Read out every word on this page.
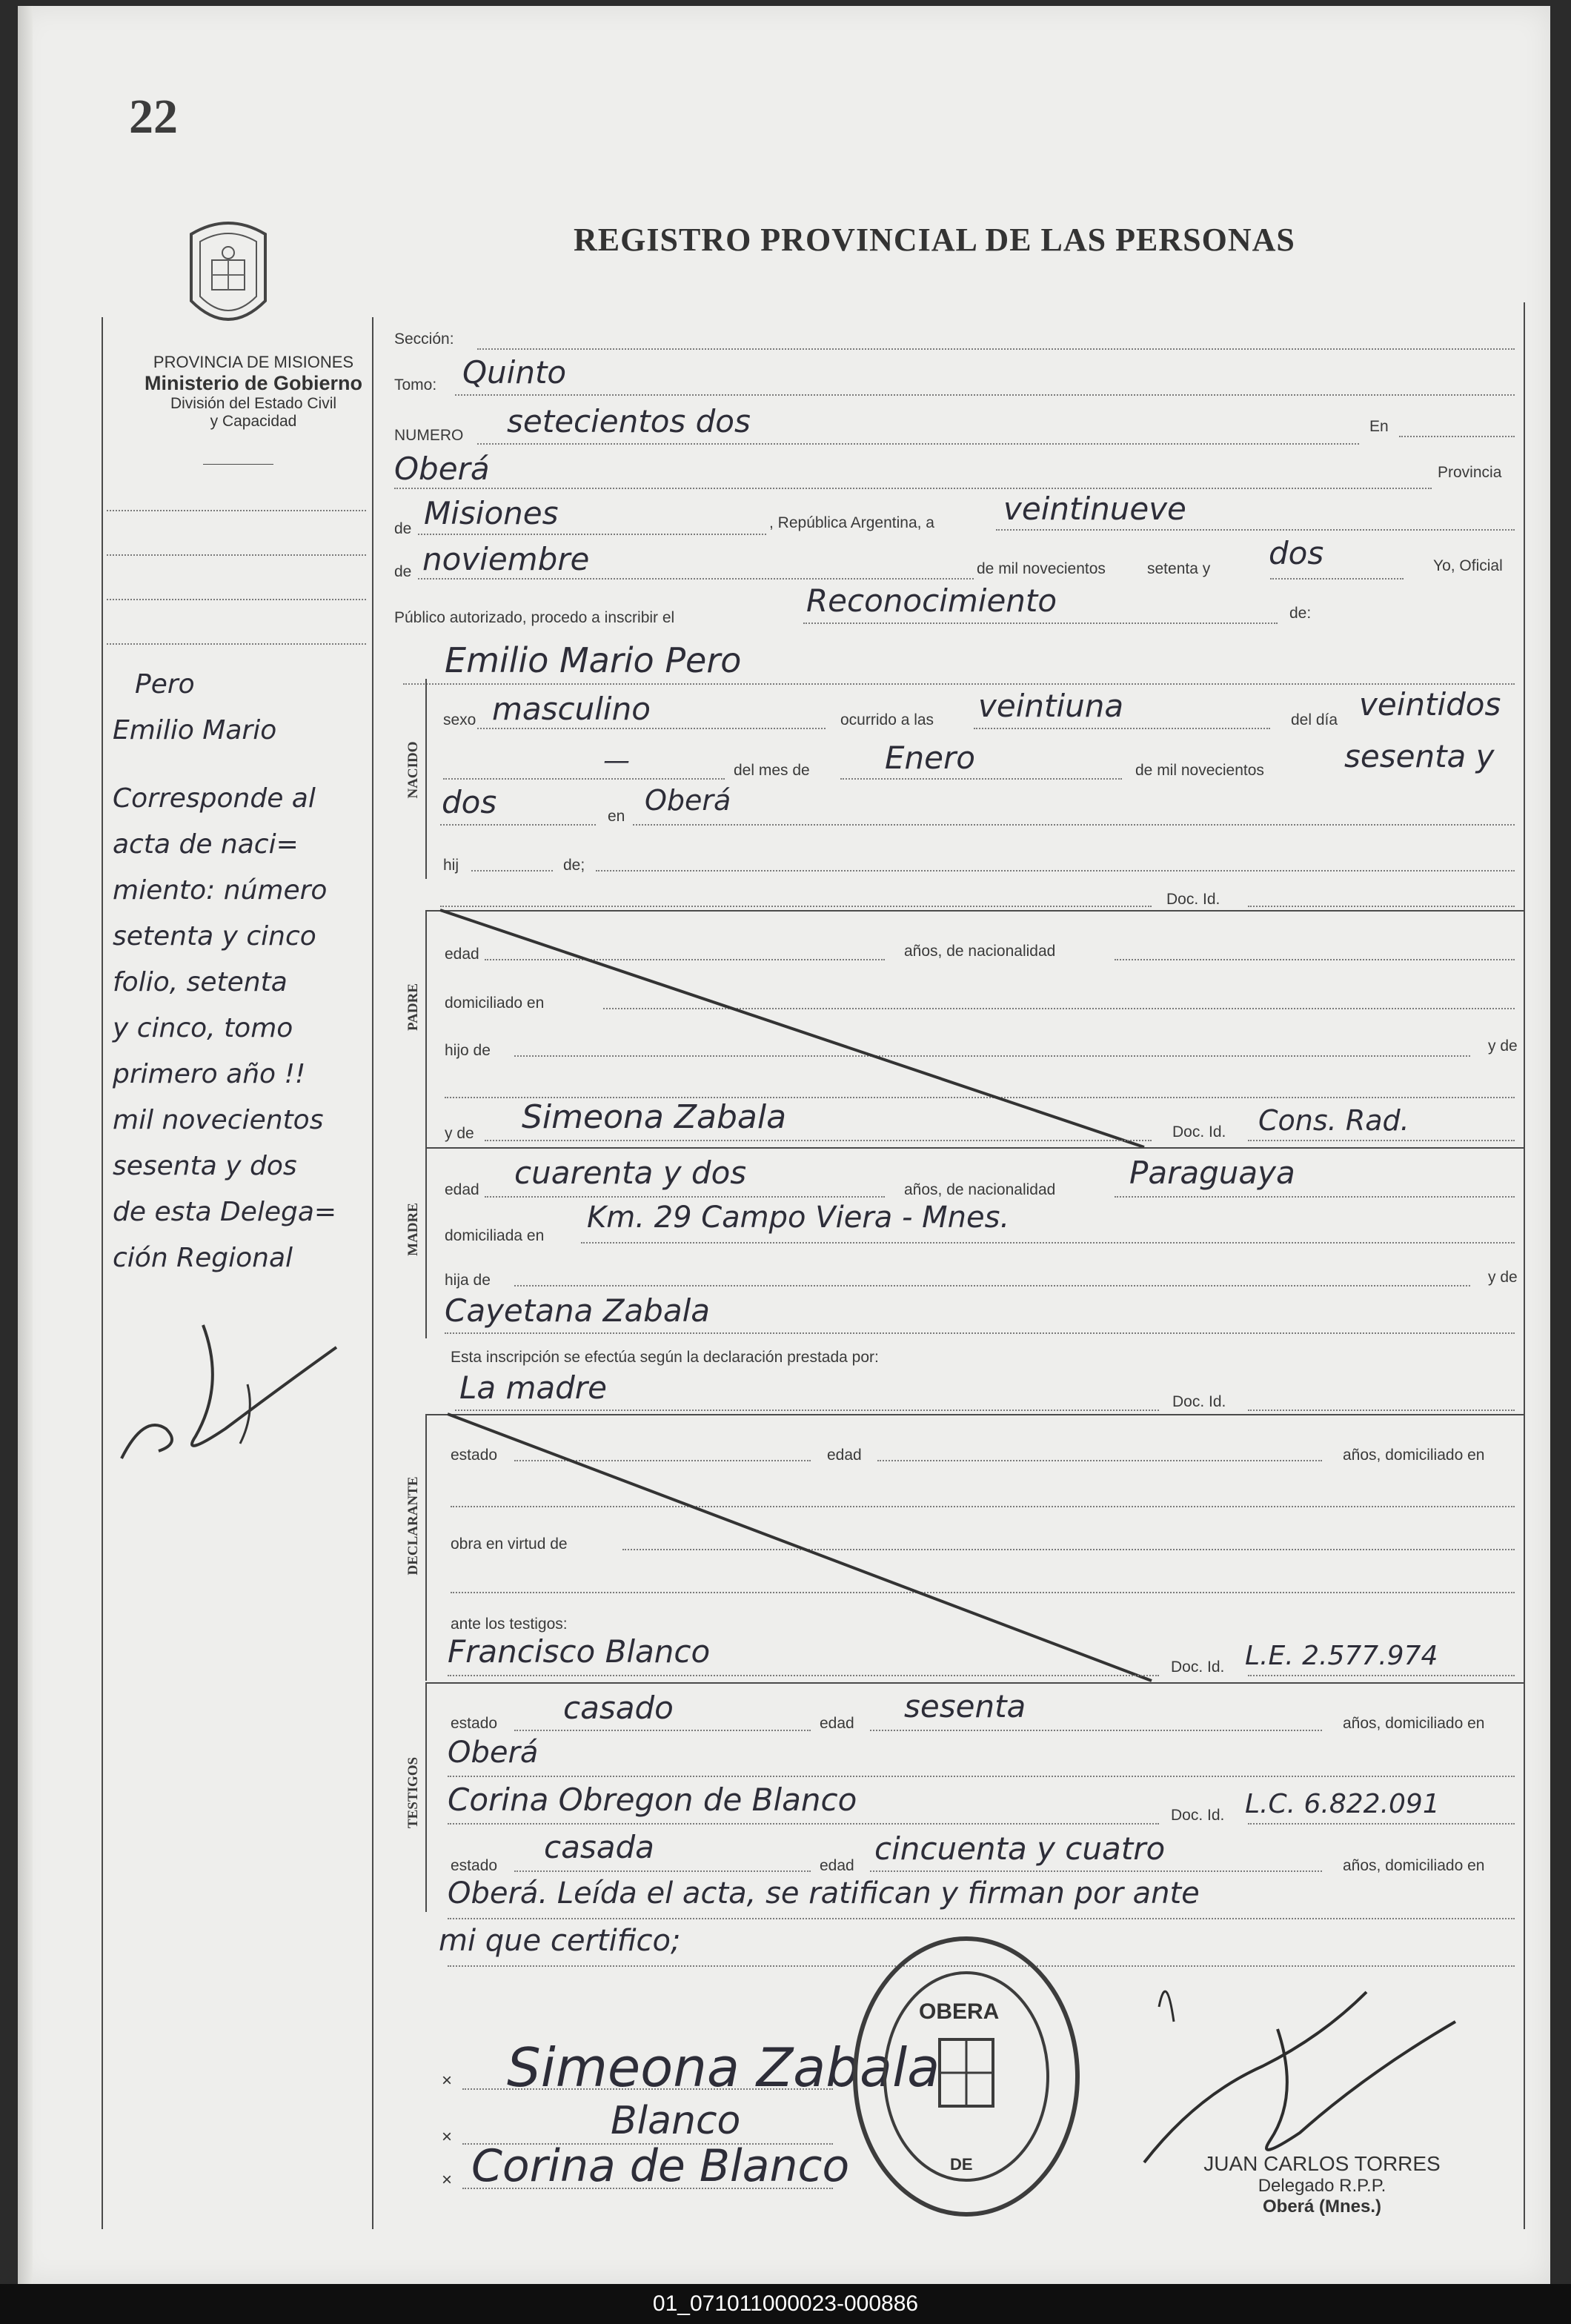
22
REGISTRO PROVINCIAL DE LAS PERSONAS
PROVINCIA DE MISIONES
Ministerio de Gobierno
División del Estado Civil
y Capacidad
Pero
Emilio Mario
Corresponde al
acta de naci=
miento: número
setenta y cinco
folio, setenta
y cinco, tomo
primero año !!
mil novecientos
sesenta y dos
de esta Delega=
ción Regional
Sección:
Tomo: Quinto
NUMERO setecientos dos	En
Oberá	Provincia
de Misiones	, República Argentina, a veintinueve
de noviembre	de mil novecientos	setenta y dos	Yo, Oficial
Público autorizado, procedo a inscribir el	Reconocimiento	de:
Emilio Mario Pero
NACIDO
sexo masculino	ocurrido a las veintiuna	del día veintidos
—	del mes de Enero	de mil novecientos	sesenta y
dos	en Oberá
hij	de;
Doc. Id.
PADRE
edad	años, de nacionalidad
domiciliado en
hijo de	y de
y de Simeona Zabala	Doc. Id. Cons. Rad.
MADRE
edad cuarenta y dos	años, de nacionalidad Paraguaya
domiciliada en
Km. 29 Campo Viera - Mnes.
hija de	y de
Cayetana Zabala
Esta inscripción se efectúa según la declaración prestada por:
La madre	Doc. Id.
DECLARANTE
estado	edad	años, domiciliado en
obra en virtud de
ante los testigos:
Francisco Blanco	Doc. Id. L.E. 2.577.974
TESTIGOS
estado casado	edad sesenta	años, domiciliado en
Oberá
Corina Obregon de Blanco	Doc. Id. L.C. 6.822.091
estado
casada
edad cincuenta y cuatro	años, domiciliado en
Oberá. Leída el acta, se ratifican y firman por ante
mi que certifico;
×
×
×
Simeona Zabala
Blanco
Corina de Blanco
OBERA
DE	JUAN CARLOS TORRES
Delegado R.P.P.
Oberá (Mnes.)
01_071011000023-000886
